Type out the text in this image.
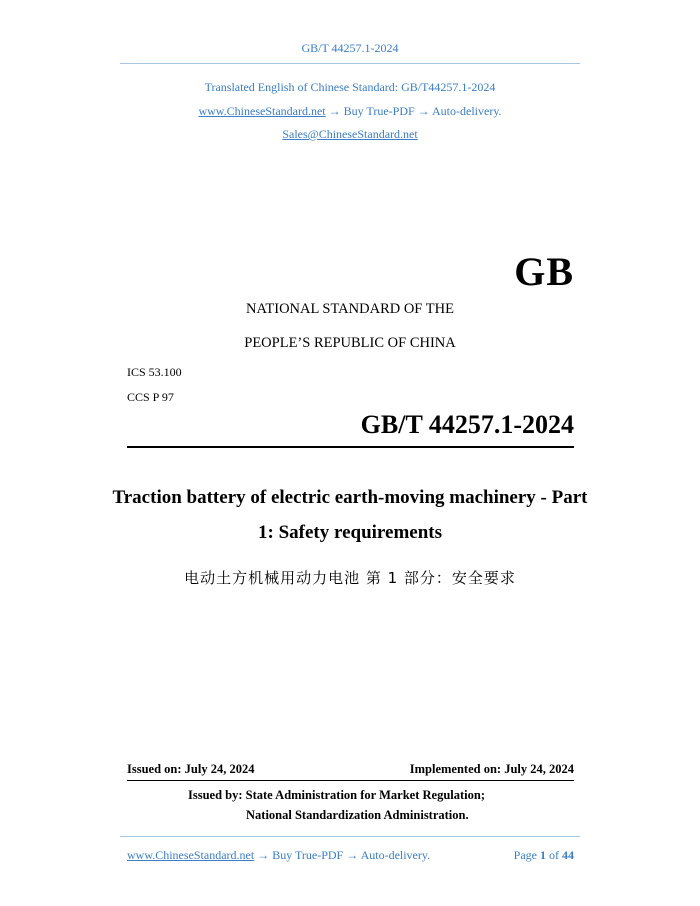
GB/T 44257.1-2024
Translated English of Chinese Standard: GB/T44257.1-2024
www.ChineseStandard.net → Buy True-PDF → Auto-delivery.
Sales@ChineseStandard.net
GB
NATIONAL STANDARD OF THE
PEOPLE’S REPUBLIC OF CHINA
ICS 53.100
CCS P 97
GB/T 44257.1-2024
Traction battery of electric earth-moving machinery - Part
1: Safety requirements
电动土方机械用动力电池 第 1 部分：安全要求
Issued on: July 24, 2024	Implemented on: July 24, 2024
Issued by: State Administration for Market Regulation;
National Standardization Administration.
www.ChineseStandard.net → Buy True-PDF → Auto-delivery.	Page 1 of 44
